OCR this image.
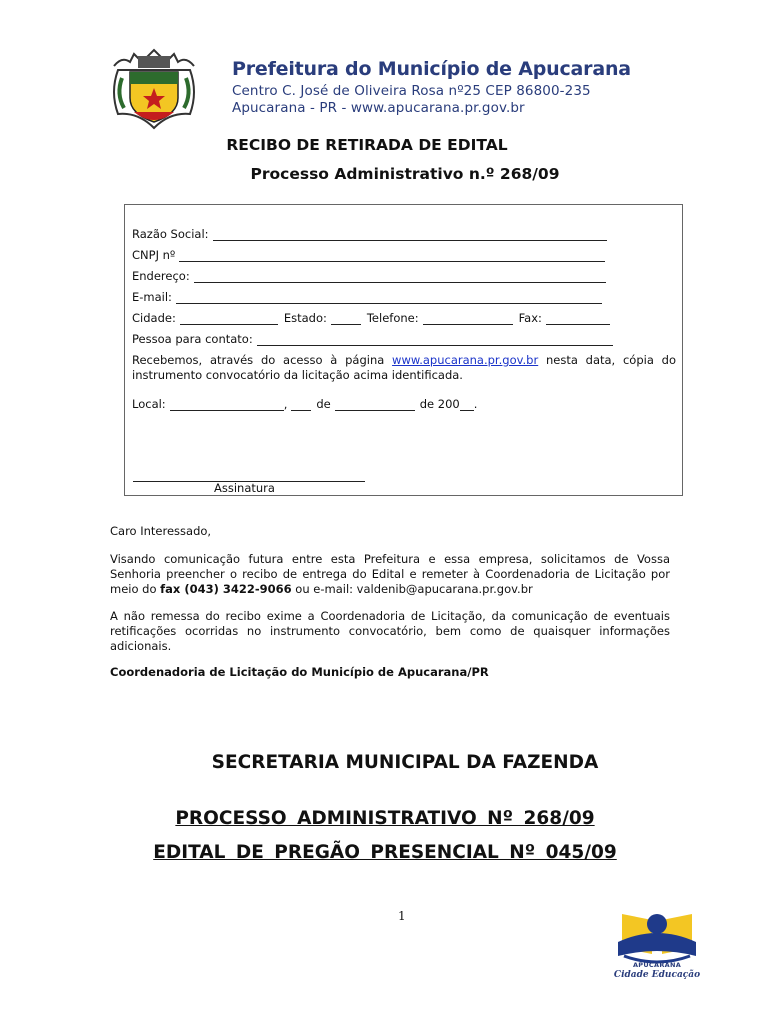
Prefeitura do Município de Apucarana
Centro C. José de Oliveira Rosa nº25 CEP 86800-235
Apucarana - PR - www.apucarana.pr.gov.br
RECIBO DE RETIRADA DE EDITAL
Processo Administrativo n.º 268/09
Razão Social:
CNPJ nº
Endereço:
E-mail:
Cidade:	Estado:	Telefone:	Fax:
Pessoa para contato:
Recebemos, através do acesso à página www.apucarana.pr.gov.br nesta data, cópia do instrumento convocatório da licitação acima identificada.
Local:	,	de	de 200 .
Assinatura
Caro Interessado,
Visando comunicação futura entre esta Prefeitura e essa empresa, solicitamos de Vossa Senhoria preencher o recibo de entrega do Edital e remeter à Coordenadoria de Licitação por meio do fax (043) 3422-9066 ou e-mail: valdenib@apucarana.pr.gov.br
A não remessa do recibo exime a Coordenadoria de Licitação, da comunicação de eventuais retificações ocorridas no instrumento convocatório, bem como de quaisquer informações adicionais.
Coordenadoria de Licitação do Município de Apucarana/PR
SECRETARIA MUNICIPAL DA FAZENDA
PROCESSO ADMINISTRATIVO Nº 268/09
EDITAL DE PREGÃO PRESENCIAL Nº 045/09
1
APUCARANA
Cidade Educação
